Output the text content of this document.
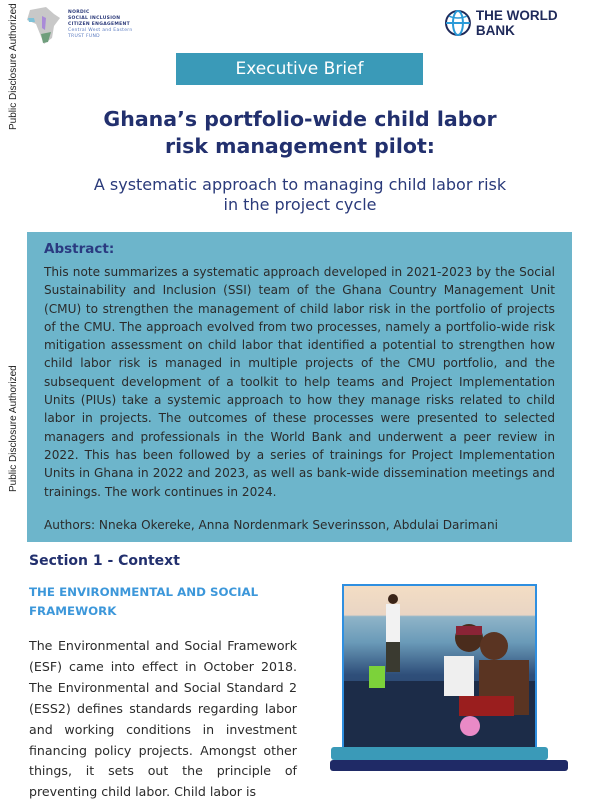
Public Disclosure Authorized
Public Disclosure Authorized
NORDIC
SOCIAL INCLUSION
CITIZEN ENGAGEMENT
Central West and Eastern
TRUST FUND
THE WORLD BANK
Executive Brief
Ghana’s portfolio-wide child labor
risk management pilot:
A systematic approach to managing child labor risk
in the project cycle
Abstract:

This note summarizes a systematic approach developed in 2021-2023 by the Social Sustainability and Inclusion (SSI) team of the Ghana Country Management Unit (CMU) to strengthen the management of child labor risk in the portfolio of projects of the CMU. The approach evolved from two processes, namely a portfolio-wide risk mitigation assessment on child labor that identified a potential to strengthen how child labor risk is managed in multiple projects of the CMU portfolio, and the subsequent development of a toolkit to help teams and Project Implementation Units (PIUs) take a systemic approach to how they manage risks related to child labor in projects. The outcomes of these processes were presented to selected managers and professionals in the World Bank and underwent a peer review in 2022. This has been followed by a series of trainings for Project Implementation Units in Ghana in 2022 and 2023, as well as bank-wide dissemination meetings and trainings. The work continues in 2024.

Authors: Nneka Okereke, Anna Nordenmark Severinsson, Abdulai Darimani
Section 1 - Context
THE ENVIRONMENTAL AND SOCIAL FRAMEWORK

The Environmental and Social Framework (ESF) came into effect in October 2018. The Environmental and Social Standard 2 (ESS2) defines standards regarding labor and working conditions in investment financing policy projects. Amongst other things, it sets out the principle of preventing child labor. Child labor is
